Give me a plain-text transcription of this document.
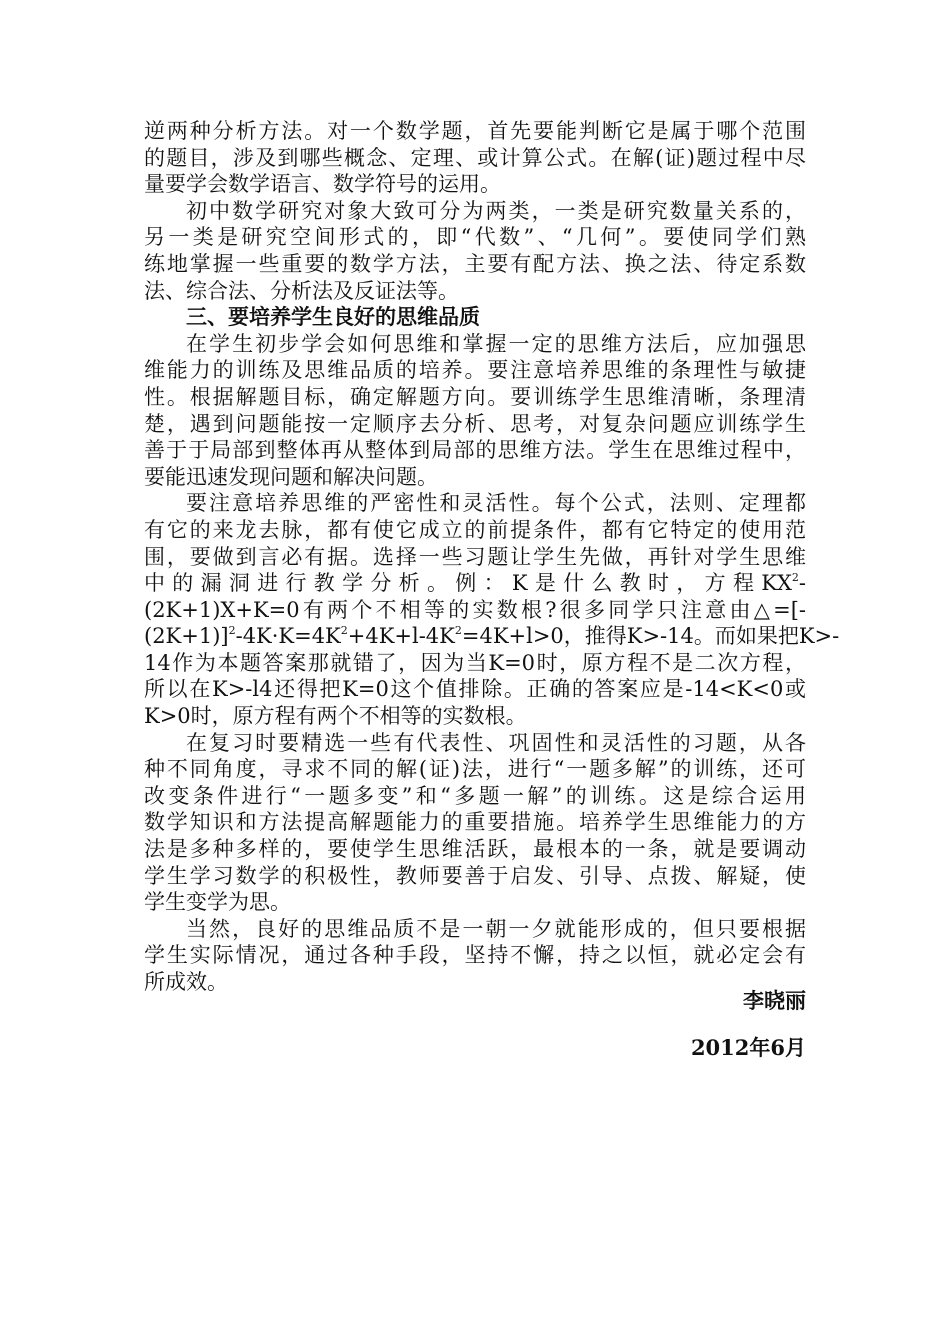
逆两种分析方法。对一个数学题，首先要能判断它是属于哪个范围
的题目，涉及到哪些概念、定理、或计算公式。在解(证)题过程中尽
量要学会数学语言、数学符号的运用。
初中数学研究对象大致可分为两类，一类是研究数量关系的，
另一类是研究空间形式的，即“代数”、“几何”。要使同学们熟
练地掌握一些重要的数学方法，主要有配方法、换之法、待定系数
法、综合法、分析法及反证法等。
三、要培养学生良好的思维品质
在学生初步学会如何思维和掌握一定的思维方法后，应加强思
维能力的训练及思维品质的培养。要注意培养思维的条理性与敏捷
性。根据解题目标，确定解题方向。要训练学生思维清晰，条理清
楚，遇到问题能按一定顺序去分析、思考，对复杂问题应训练学生
善于于局部到整体再从整体到局部的思维方法。学生在思维过程中，
要能迅速发现问题和解决问题。
要注意培养思维的严密性和灵活性。每个公式，法则、定理都
有它的来龙去脉，都有使它成立的前提条件，都有它特定的使用范
围，要做到言必有据。选择一些习题让学生先做，再针对学生思维
中的漏洞进行教学分析。例：K是什么教时，方程$KX^2-$
(2K+1)X+K=0有两个不相等的实数根?很多同学只注意由△=[-
$(2K+1)]^2-4K\cdot K=4K^2+4K+l-4K^2=4K+l>0$，推得K>-14。而如果把K>-
14作为本题答案那就错了，因为当K=0时，原方程不是二次方程，
所以在K>-l4还得把K=0这个值排除。正确的答案应是-14<K<0或
K>0时，原方程有两个不相等的实数根。
在复习时要精选一些有代表性、巩固性和灵活性的习题，从各
种不同角度，寻求不同的解(证)法，进行“一题多解”的训练，还可
改变条件进行“一题多变”和“多题一解”的训练。这是综合运用
数学知识和方法提高解题能力的重要措施。培养学生思维能力的方
法是多种多样的，要使学生思维活跃，最根本的一条，就是要调动
学生学习数学的积极性，教师要善于启发、引导、点拨、解疑，使
学生变学为思。
当然，良好的思维品质不是一朝一夕就能形成的，但只要根据
学生实际情况，通过各种手段，坚持不懈，持之以恒，就必定会有
所成效。
李晓丽
2012年6月
